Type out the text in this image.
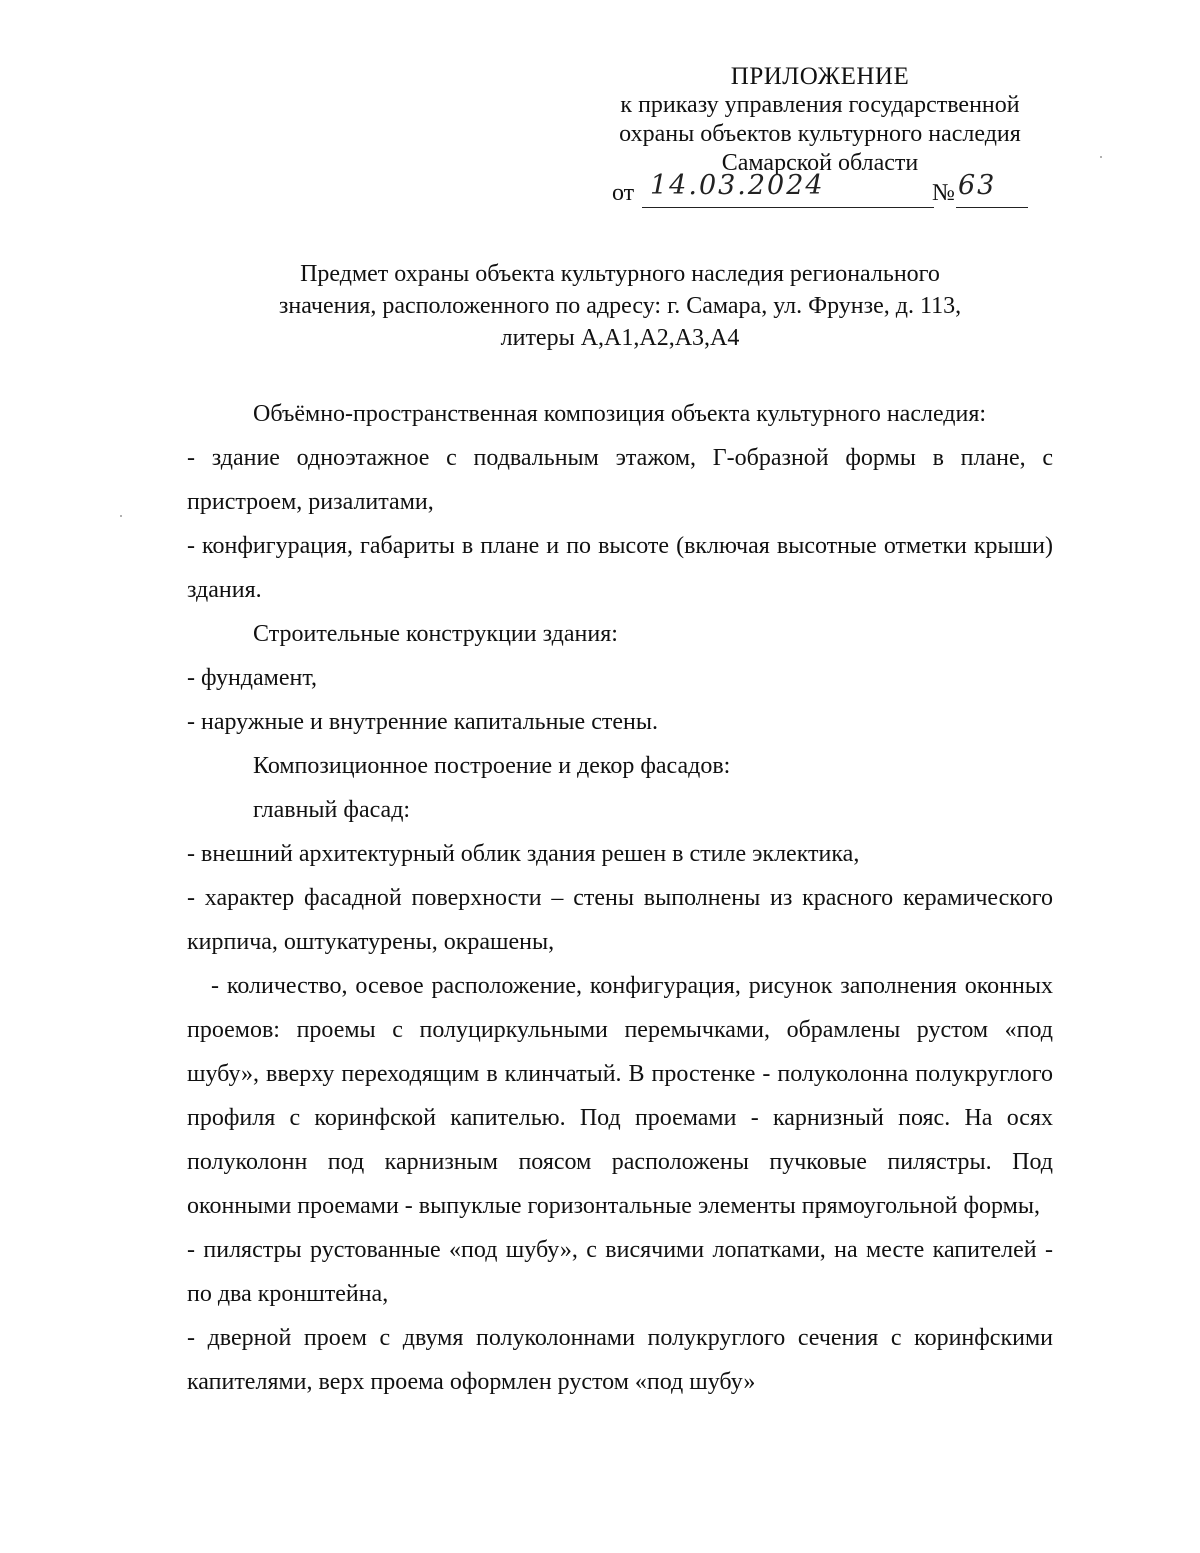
ПРИЛОЖЕНИЕ
к приказу управления государственной
охраны объектов культурного наследия
Самарской области
от 14.03.2024	№ 63
Предмет охраны объекта культурного наследия регионального
значения, расположенного по адресу: г. Самара, ул. Фрунзе, д. 113,
литеры А,А1,А2,А3,А4

Объёмно-пространственная композиция объекта культурного наследия:

- здание одноэтажное с подвальным этажом, Г-образной формы в плане, с пристроем, ризалитами,

- конфигурация, габариты в плане и по высоте (включая высотные отметки крыши) здания.

Строительные конструкции здания:

- фундамент,

- наружные и внутренние капитальные стены.

Композиционное построение и декор фасадов:

главный фасад:

- внешний архитектурный облик здания решен в стиле эклектика,

- характер фасадной поверхности – стены выполнены из красного керамического кирпича, оштукатурены, окрашены,

- количество, осевое расположение, конфигурация, рисунок заполнения оконных проемов: проемы с полуциркульными перемычками, обрамлены рустом «под шубу», вверху переходящим в клинчатый. В простенке - полуколонна полукруглого профиля с коринфской капителью. Под проемами - карнизный пояс. На осях полуколонн под карнизным поясом расположены пучковые пилястры. Под оконными проемами - выпуклые горизонтальные элементы прямоугольной формы,

- пилястры рустованные «под шубу», с висячими лопатками, на месте капителей - по два кронштейна,

- дверной проем с двумя полуколоннами полукруглого сечения с коринфскими капителями, верх проема оформлен рустом «под шубу»
